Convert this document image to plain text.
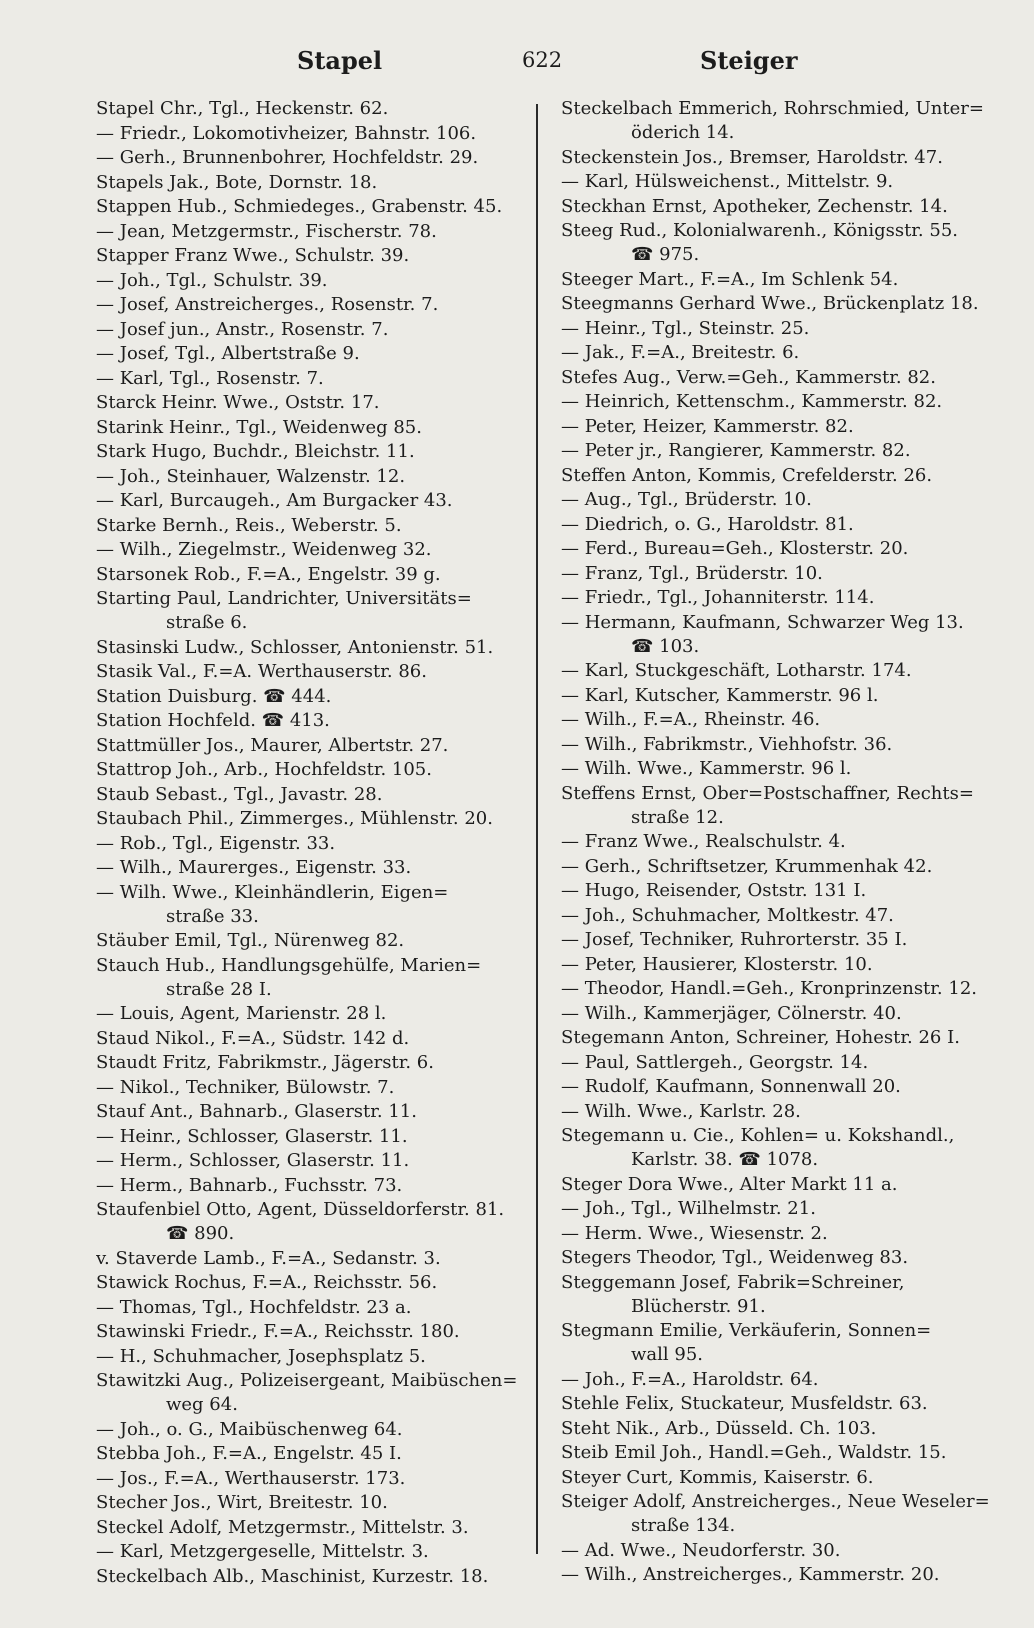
Stapel	622	Steiger
Stapel Chr., Tgl., Heckenstr. 62.
— Friedr., Lokomotivheizer, Bahnstr. 106.
— Gerh., Brunnenbohrer, Hochfeldstr. 29.
Stapels Jak., Bote, Dornstr. 18.
Stappen Hub., Schmiedeges., Grabenstr. 45.
— Jean, Metzgermstr., Fischerstr. 78.
Stapper Franz Wwe., Schulstr. 39.
— Joh., Tgl., Schulstr. 39.
— Josef, Anstreicherges., Rosenstr. 7.
— Josef jun., Anstr., Rosenstr. 7.
— Josef, Tgl., Albertstraße 9.
— Karl, Tgl., Rosenstr. 7.
Starck Heinr. Wwe., Oststr. 17.
Starink Heinr., Tgl., Weidenweg 85.
Stark Hugo, Buchdr., Bleichstr. 11.
— Joh., Steinhauer, Walzenstr. 12.
— Karl, Burcaugeh., Am Burgacker 43.
Starke Bernh., Reis., Weberstr. 5.
— Wilh., Ziegelmstr., Weidenweg 32.
Starsonek Rob., F.=A., Engelstr. 39 g.
Starting Paul, Landrichter, Universitäts=
straße 6.
Stasinski Ludw., Schlosser, Antonienstr. 51.
Stasik Val., F.=A. Werthauserstr. 86.
Station Duisburg. ☎ 444.
Station Hochfeld. ☎ 413.
Stattmüller Jos., Maurer, Albertstr. 27.
Stattrop Joh., Arb., Hochfeldstr. 105.
Staub Sebast., Tgl., Javastr. 28.
Staubach Phil., Zimmerges., Mühlenstr. 20.
— Rob., Tgl., Eigenstr. 33.
— Wilh., Maurerges., Eigenstr. 33.
— Wilh. Wwe., Kleinhändlerin, Eigen=
straße 33.
Stäuber Emil, Tgl., Nürenweg 82.
Stauch Hub., Handlungsgehülfe, Marien=
straße 28 I.
— Louis, Agent, Marienstr. 28 l.
Staud Nikol., F.=A., Südstr. 142 d.
Staudt Fritz, Fabrikmstr., Jägerstr. 6.
— Nikol., Techniker, Bülowstr. 7.
Stauf Ant., Bahnarb., Glaserstr. 11.
— Heinr., Schlosser, Glaserstr. 11.
— Herm., Schlosser, Glaserstr. 11.
— Herm., Bahnarb., Fuchsstr. 73.
Staufenbiel Otto, Agent, Düsseldorferstr. 81.
☎ 890.
v. Staverde Lamb., F.=A., Sedanstr. 3.
Stawick Rochus, F.=A., Reichsstr. 56.
— Thomas, Tgl., Hochfeldstr. 23 a.
Stawinski Friedr., F.=A., Reichsstr. 180.
— H., Schuhmacher, Josephsplatz 5.
Stawitzki Aug., Polizeisergeant, Maibüschen=
weg 64.
— Joh., o. G., Maibüschenweg 64.
Stebba Joh., F.=A., Engelstr. 45 I.
— Jos., F.=A., Werthauserstr. 173.
Stecher Jos., Wirt, Breitestr. 10.
Steckel Adolf, Metzgermstr., Mittelstr. 3.
— Karl, Metzgergeselle, Mittelstr. 3.
Steckelbach Alb., Maschinist, Kurzestr. 18.
Steckelbach Emmerich, Rohrschmied, Unter=
öderich 14.
Steckenstein Jos., Bremser, Haroldstr. 47.
— Karl, Hülsweichenst., Mittelstr. 9.
Steckhan Ernst, Apotheker, Zechenstr. 14.
Steeg Rud., Kolonialwarenh., Königsstr. 55.
☎ 975.
Steeger Mart., F.=A., Im Schlenk 54.
Steegmanns Gerhard Wwe., Brückenplatz 18.
— Heinr., Tgl., Steinstr. 25.
— Jak., F.=A., Breitestr. 6.
Stefes Aug., Verw.=Geh., Kammerstr. 82.
— Heinrich, Kettenschm., Kammerstr. 82.
— Peter, Heizer, Kammerstr. 82.
— Peter jr., Rangierer, Kammerstr. 82.
Steffen Anton, Kommis, Crefelderstr. 26.
— Aug., Tgl., Brüderstr. 10.
— Diedrich, o. G., Haroldstr. 81.
— Ferd., Bureau=Geh., Klosterstr. 20.
— Franz, Tgl., Brüderstr. 10.
— Friedr., Tgl., Johanniterstr. 114.
— Hermann, Kaufmann, Schwarzer Weg 13.
☎ 103.
— Karl, Stuckgeschäft, Lotharstr. 174.
— Karl, Kutscher, Kammerstr. 96 l.
— Wilh., F.=A., Rheinstr. 46.
— Wilh., Fabrikmstr., Viehhofstr. 36.
— Wilh. Wwe., Kammerstr. 96 l.
Steffens Ernst, Ober=Postschaffner, Rechts=
straße 12.
— Franz Wwe., Realschulstr. 4.
— Gerh., Schriftsetzer, Krummenhak 42.
— Hugo, Reisender, Oststr. 131 I.
— Joh., Schuhmacher, Moltkestr. 47.
— Josef, Techniker, Ruhrorterstr. 35 I.
— Peter, Hausierer, Klosterstr. 10.
— Theodor, Handl.=Geh., Kronprinzenstr. 12.
— Wilh., Kammerjäger, Cölnerstr. 40.
Stegemann Anton, Schreiner, Hohestr. 26 I.
— Paul, Sattlergeh., Georgstr. 14.
— Rudolf, Kaufmann, Sonnenwall 20.
— Wilh. Wwe., Karlstr. 28.
Stegemann u. Cie., Kohlen= u. Kokshandl.,
Karlstr. 38. ☎ 1078.
Steger Dora Wwe., Alter Markt 11 a.
— Joh., Tgl., Wilhelmstr. 21.
— Herm. Wwe., Wiesenstr. 2.
Stegers Theodor, Tgl., Weidenweg 83.
Steggemann Josef, Fabrik=Schreiner,
Blücherstr. 91.
Stegmann Emilie, Verkäuferin, Sonnen=
wall 95.
— Joh., F.=A., Haroldstr. 64.
Stehle Felix, Stuckateur, Musfeldstr. 63.
Steht Nik., Arb., Düsseld. Ch. 103.
Steib Emil Joh., Handl.=Geh., Waldstr. 15.
Steyer Curt, Kommis, Kaiserstr. 6.
Steiger Adolf, Anstreicherges., Neue Weseler=
straße 134.
— Ad. Wwe., Neudorferstr. 30.
— Wilh., Anstreicherges., Kammerstr. 20.
